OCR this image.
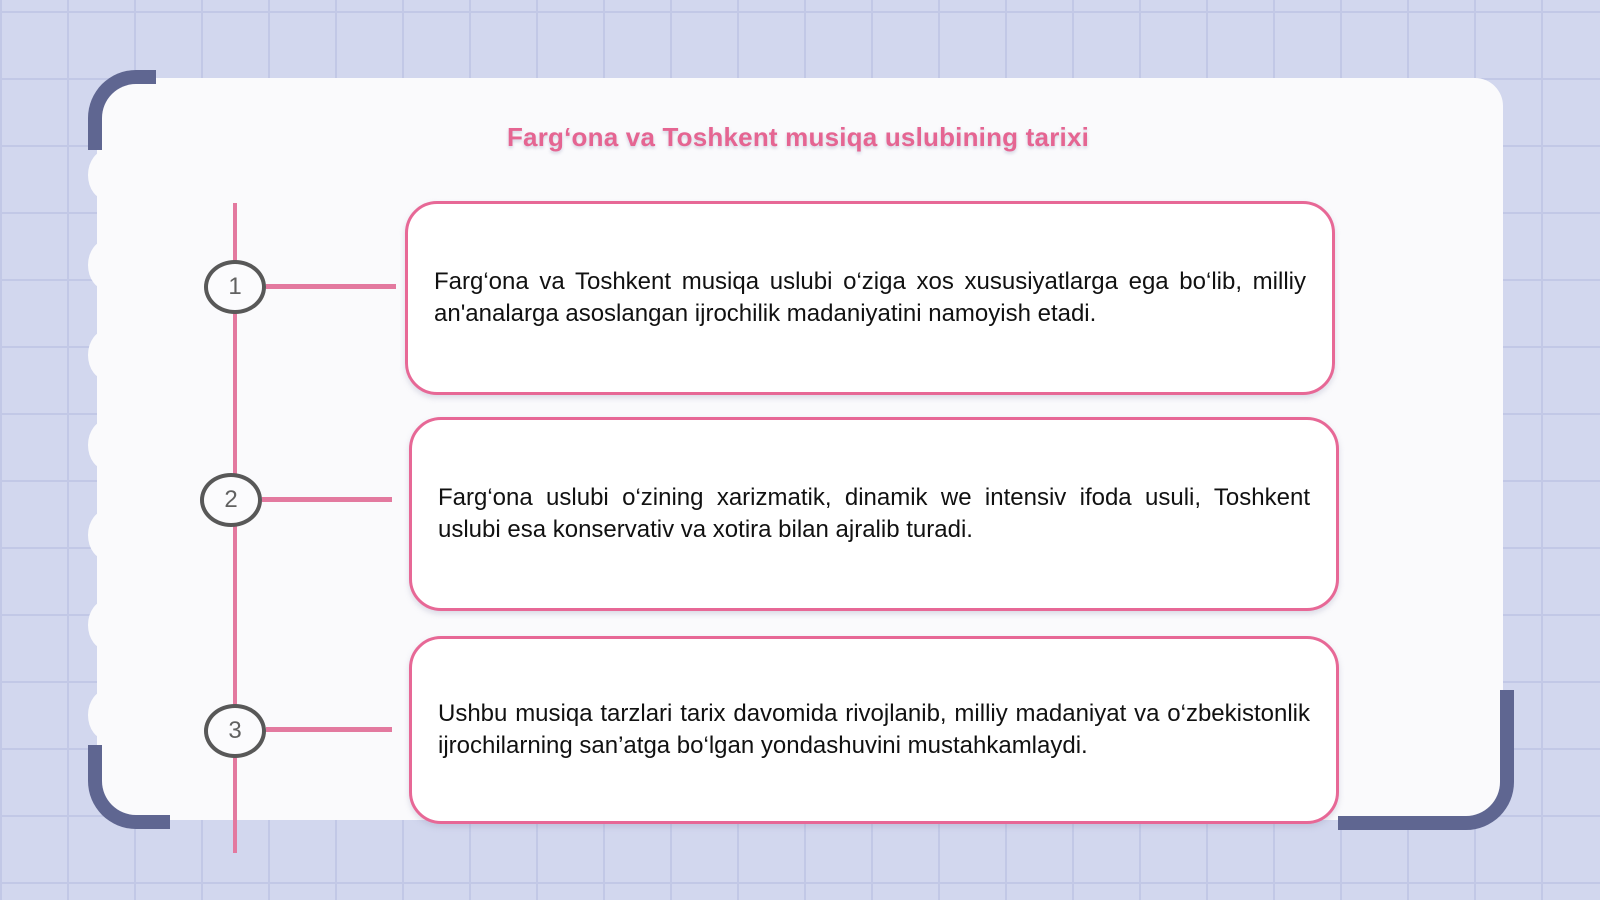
Farg‘ona va Toshkent musiqa uslubining tarixi
1
2
3

Farg‘ona va Toshkent musiqa uslubi o‘ziga xos xususiyatlarga ega bo‘lib, milliy an'analarga asoslangan ijrochilik madaniyatini namoyish etadi.

Farg‘ona uslubi o‘zining xarizmatik, dinamik we intensiv ifoda usuli, Toshkent uslubi esa konservativ va xotira bilan ajralib turadi.

Ushbu musiqa tarzlari tarix davomida rivojlanib, milliy madaniyat va o‘zbekistonlik ijrochilarning san’atga bo‘lgan yondashuvini mustahkamlaydi.
